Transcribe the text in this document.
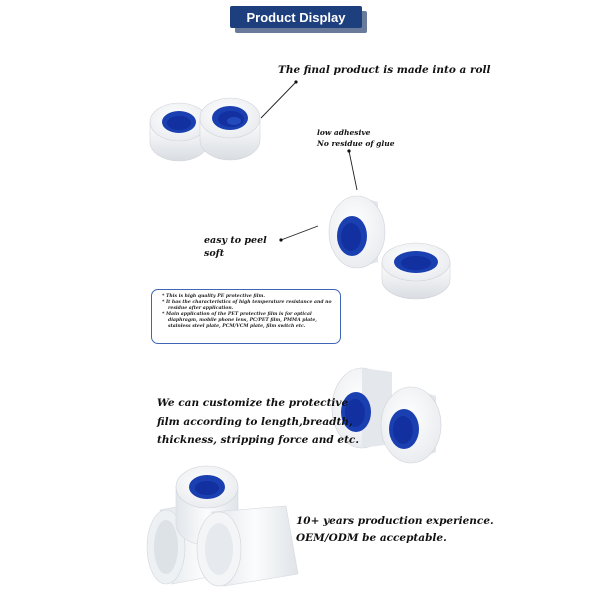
Product Display
The final product is made into a roll
low adhesive
No residue of glue
easy to peel
soft
* This is high quality PE protective film.
* It has the characteristics of high temperature resistance and no residue after application.
* Main application of the PET protective film is for optical diaphragm, mobile phone lens, PC/PET film, PMMA plate, stainless steel plate, PCM/VCM plate, film switch etc.
We can customize the protective
film according to length,breadth,
thickness, stripping force and etc.
10+ years production experience.
OEM/ODM be acceptable.
